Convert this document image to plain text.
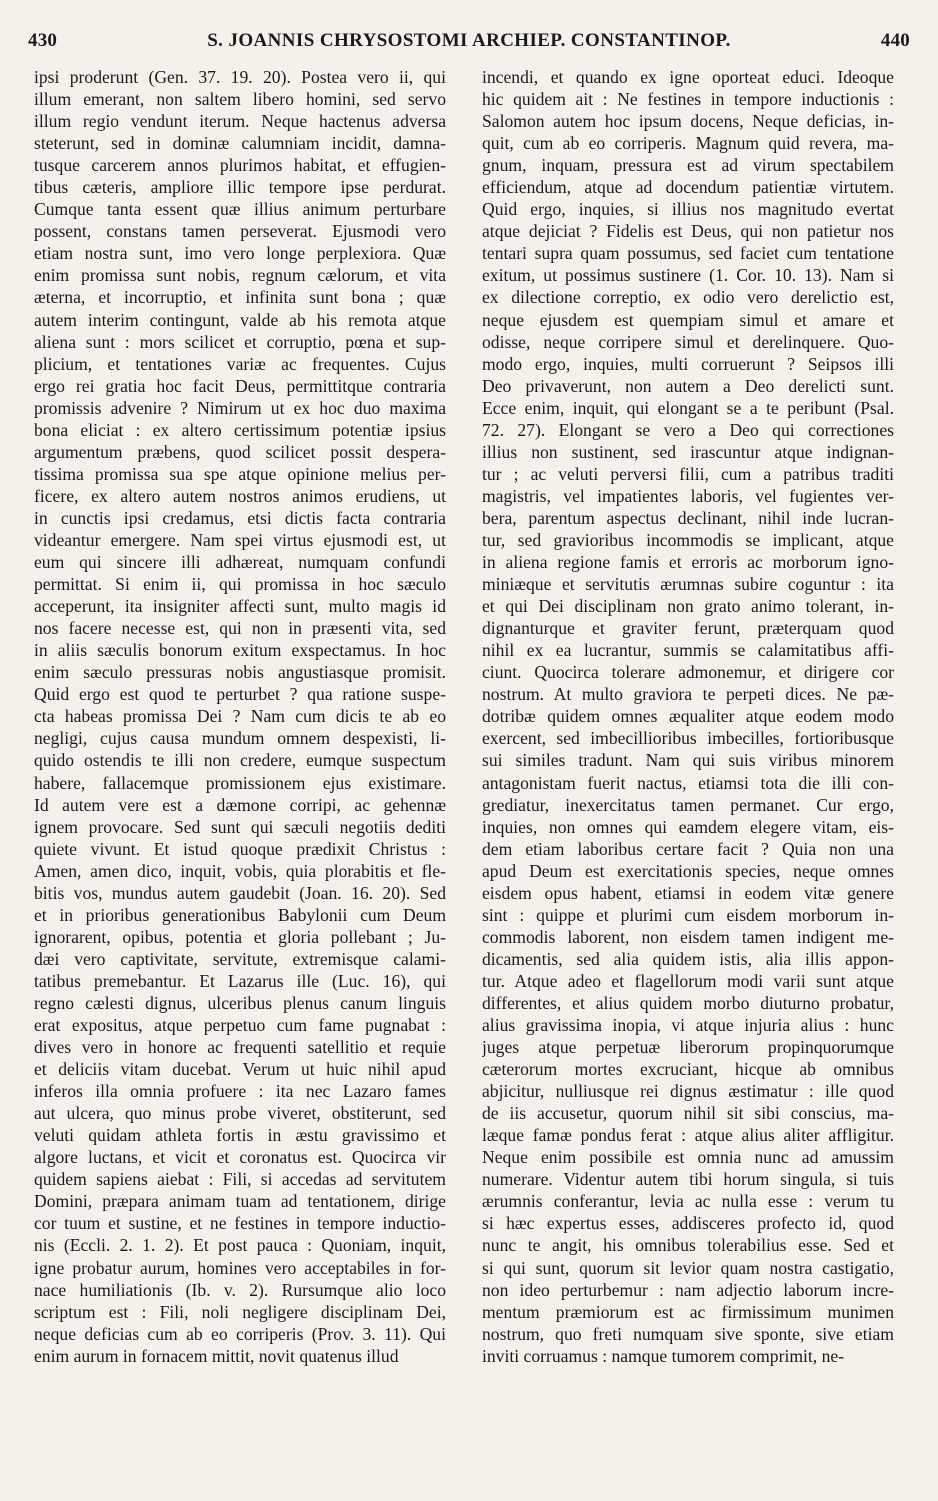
430	S. JOANNIS CHRYSOSTOMI ARCHIEP. CONSTANTINOP.	440
ipsi proderunt (Gen. 37. 19. 20). Postea vero ii, qui
illum emerant, non saltem libero homini, sed servo
illum regio vendunt iterum. Neque hactenus adversa
steterunt, sed in dominæ calumniam incidit, damna-
tusque carcerem annos plurimos habitat, et effugien-
tibus cæteris, ampliore illic tempore ipse perdurat.
Cumque tanta essent quæ illius animum perturbare
possent, constans tamen perseverat. Ejusmodi vero
etiam nostra sunt, imo vero longe perplexiora. Quæ
enim promissa sunt nobis, regnum cælorum, et vita
æterna, et incorruptio, et infinita sunt bona ; quæ
autem interim contingunt, valde ab his remota atque
aliena sunt : mors scilicet et corruptio, pœna et sup-
plicium, et tentationes variæ ac frequentes. Cujus
ergo rei gratia hoc facit Deus, permittitque contraria
promissis advenire ? Nimirum ut ex hoc duo maxima
bona eliciat : ex altero certissimum potentiæ ipsius
argumentum præbens, quod scilicet possit despera-
tissima promissa sua spe atque opinione melius per-
ficere, ex altero autem nostros animos erudiens, ut
in cunctis ipsi credamus, etsi dictis facta contraria
videantur emergere. Nam spei virtus ejusmodi est, ut
eum qui sincere illi adhæreat, numquam confundi
permittat. Si enim ii, qui promissa in hoc sæculo
acceperunt, ita insigniter affecti sunt, multo magis id
nos facere necesse est, qui non in præsenti vita, sed
in aliis sæculis bonorum exitum exspectamus. In hoc
enim sæculo pressuras nobis angustiasque promisit.
Quid ergo est quod te perturbet ? qua ratione suspe-
cta habeas promissa Dei ? Nam cum dicis te ab eo
negligi, cujus causa mundum omnem despexisti, li-
quido ostendis te illi non credere, eumque suspectum
habere, fallacemque promissionem ejus existimare.
Id autem vere est a dæmone corripi, ac gehennæ
ignem provocare. Sed sunt qui sæculi negotiis dediti
quiete vivunt. Et istud quoque prædixit Christus :
Amen, amen dico, inquit, vobis, quia plorabitis et fle-
bitis vos, mundus autem gaudebit (Joan. 16. 20). Sed
et in prioribus generationibus Babylonii cum Deum
ignorarent, opibus, potentia et gloria pollebant ; Ju-
dæi vero captivitate, servitute, extremisque calami-
tatibus premebantur. Et Lazarus ille (Luc. 16), qui
regno cælesti dignus, ulceribus plenus canum linguis
erat expositus, atque perpetuo cum fame pugnabat :
dives vero in honore ac frequenti satellitio et requie
et deliciis vitam ducebat. Verum ut huic nihil apud
inferos illa omnia profuere : ita nec Lazaro fames
aut ulcera, quo minus probe viveret, obstiterunt, sed
veluti quidam athleta fortis in æstu gravissimo et
algore luctans, et vicit et coronatus est. Quocirca vir
quidem sapiens aiebat : Fili, si accedas ad servitutem
Domini, præpara animam tuam ad tentationem, dirige
cor tuum et sustine, et ne festines in tempore inductio-
nis (Eccli. 2. 1. 2). Et post pauca : Quoniam, inquit,
igne probatur aurum, homines vero acceptabiles in for-
nace humiliationis (Ib. v. 2). Rursumque alio loco
scriptum est : Fili, noli negligere disciplinam Dei,
neque deficias cum ab eo corriperis (Prov. 3. 11). Qui
enim aurum in fornacem mittit, novit quatenus illud
incendi, et quando ex igne oporteat educi. Ideoque
hic quidem ait : Ne festines in tempore inductionis :
Salomon autem hoc ipsum docens, Neque deficias, in-
quit, cum ab eo corriperis. Magnum quid revera, ma-
gnum, inquam, pressura est ad virum spectabilem
efficiendum, atque ad docendum patientiæ virtutem.
Quid ergo, inquies, si illius nos magnitudo evertat
atque dejiciat ? Fidelis est Deus, qui non patietur nos
tentari supra quam possumus, sed faciet cum tentatione
exitum, ut possimus sustinere (1. Cor. 10. 13). Nam si
ex dilectione correptio, ex odio vero derelictio est,
neque ejusdem est quempiam simul et amare et
odisse, neque corripere simul et derelinquere. Quo-
modo ergo, inquies, multi corruerunt ? Seipsos illi
Deo privaverunt, non autem a Deo derelicti sunt.
Ecce enim, inquit, qui elongant se a te peribunt (Psal.
72. 27). Elongant se vero a Deo qui correctiones
illius non sustinent, sed irascuntur atque indignan-
tur ; ac veluti perversi filii, cum a patribus traditi
magistris, vel impatientes laboris, vel fugientes ver-
bera, parentum aspectus declinant, nihil inde lucran-
tur, sed gravioribus incommodis se implicant, atque
in aliena regione famis et erroris ac morborum igno-
miniæque et servitutis ærumnas subire coguntur : ita
et qui Dei disciplinam non grato animo tolerant, in-
dignanturque et graviter ferunt, præterquam quod
nihil ex ea lucrantur, summis se calamitatibus affi-
ciunt. Quocirca tolerare admonemur, et dirigere cor
nostrum. At multo graviora te perpeti dices. Ne pæ-
dotribæ quidem omnes æqualiter atque eodem modo
exercent, sed imbecillioribus imbecilles, fortioribusque
sui similes tradunt. Nam qui suis viribus minorem
antagonistam fuerit nactus, etiamsi tota die illi con-
grediatur, inexercitatus tamen permanet. Cur ergo,
inquies, non omnes qui eamdem elegere vitam, eis-
dem etiam laboribus certare facit ? Quia non una
apud Deum est exercitationis species, neque omnes
eisdem opus habent, etiamsi in eodem vitæ genere
sint : quippe et plurimi cum eisdem morborum in-
commodis laborent, non eisdem tamen indigent me-
dicamentis, sed alia quidem istis, alia illis appon-
tur. Atque adeo et flagellorum modi varii sunt atque
differentes, et alius quidem morbo diuturno probatur,
alius gravissima inopia, vi atque injuria alius : hunc
juges atque perpetuæ liberorum propinquorumque
cæterorum mortes excruciant, hicque ab omnibus
abjicitur, nulliusque rei dignus æstimatur : ille quod
de iis accusetur, quorum nihil sit sibi conscius, ma-
læque famæ pondus ferat : atque alius aliter affligitur.
Neque enim possibile est omnia nunc ad amussim
numerare. Videntur autem tibi horum singula, si tuis
ærumnis conferantur, levia ac nulla esse : verum tu
si hæc expertus esses, addisceres profecto id, quod
nunc te angit, his omnibus tolerabilius esse. Sed et
si qui sunt, quorum sit levior quam nostra castigatio,
non ideo perturbemur : nam adjectio laborum incre-
mentum præmiorum est ac firmissimum munimen
nostrum, quo freti numquam sive sponte, sive etiam
inviti corruamus : namque tumorem comprimit, ne-
